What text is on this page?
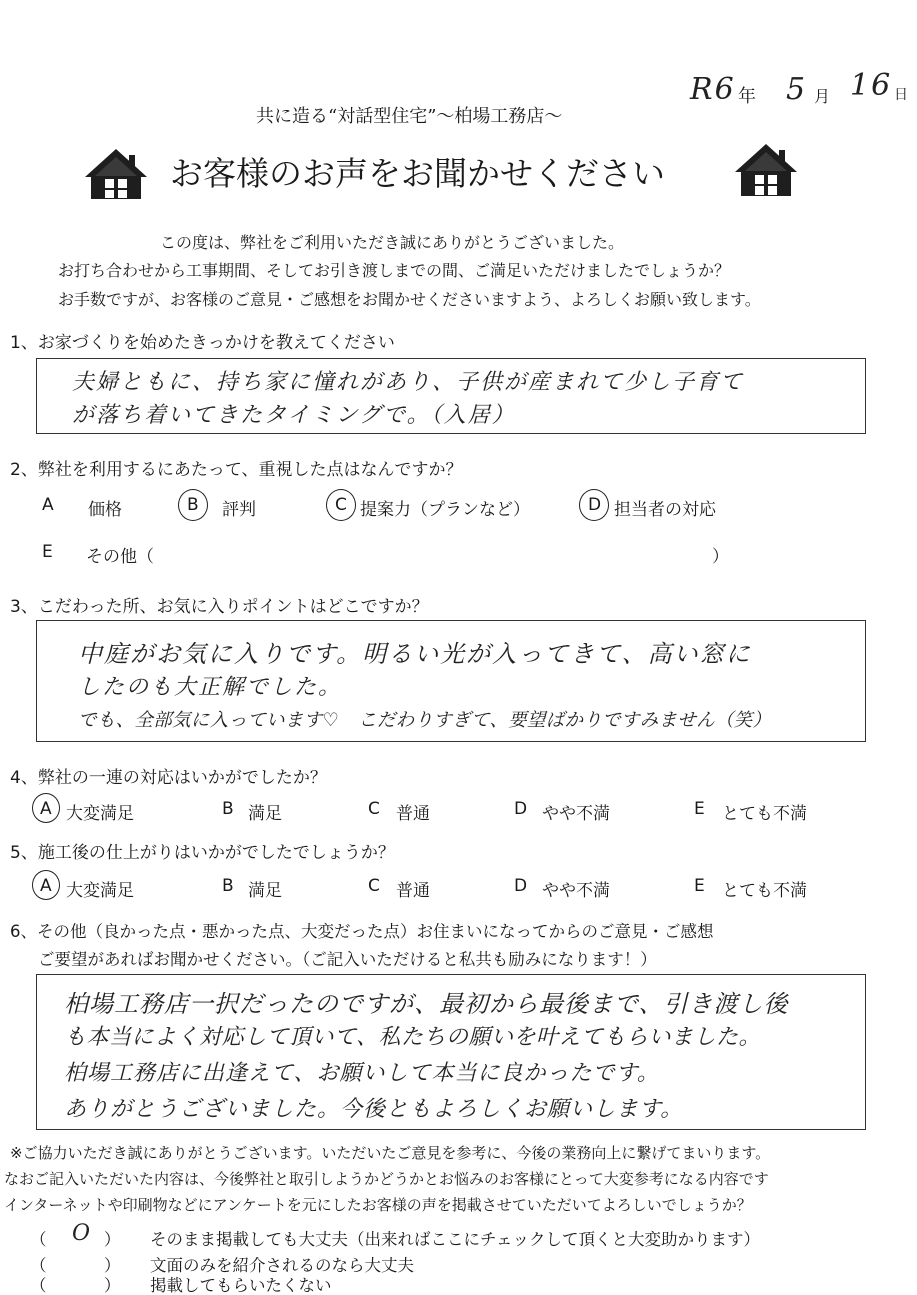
R6 年 5 月 16 日
共に造る“対話型住宅”〜柏場工務店〜
お客様のお声をお聞かせください
この度は、弊社をご利用いただき誠にありがとうございました。
お打ち合わせから工事期間、そしてお引き渡しまでの間、ご満足いただけましたでしょうか？
お手数ですが、お客様のご意見・ご感想をお聞かせくださいますよう、よろしくお願い致します。
1、お家づくりを始めたきっかけを教えてください
夫婦ともに、持ち家に憧れがあり、子供が産まれて少し子育て
が落ち着いてきたタイミングで。（入居）
2、弊社を利用するにあたって、重視した点はなんですか？
A 価格	B 評判	C 提案力（プランなど）	D 担当者の対応
E その他（	）
3、こだわった所、お気に入りポイントはどこですか？
中庭がお気に入りです。明るい光が入ってきて、高い窓に
したのも大正解でした。
でも、全部気に入っています♡　こだわりすぎて、要望ばかりですみません（笑）
4、弊社の一連の対応はいかがでしたか？
A 大変満足	B 満足	C 普通	D やや不満	E とても不満
5、施工後の仕上がりはいかがでしたでしょうか？
A 大変満足	B 満足	C 普通	D やや不満	E とても不満
6、その他（良かった点・悪かった点、大変だった点）お住まいになってからのご意見・ご感想
ご要望があればお聞かせください。（ご記入いただけると私共も励みになります！）
柏場工務店一択だったのですが、最初から最後まで、引き渡し後
も本当によく対応して頂いて、私たちの願いを叶えてもらいました。
柏場工務店に出逢えて、お願いして本当に良かったです。
ありがとうございました。今後ともよろしくお願いします。
※ご協力いただき誠にありがとうございます。いただいたご意見を参考に、今後の業務向上に繋げてまいります。
なおご記入いただいた内容は、今後弊社と取引しようかどうかとお悩みのお客様にとって大変参考になる内容です
インターネットや印刷物などにアンケートを元にしたお客様の声を掲載させていただいてよろしいでしょうか？
（ O ） そのまま掲載しても大丈夫（出来ればここにチェックして頂くと大変助かります）
（	） 文面のみを紹介されるのなら大丈夫
（	） 掲載してもらいたくない
